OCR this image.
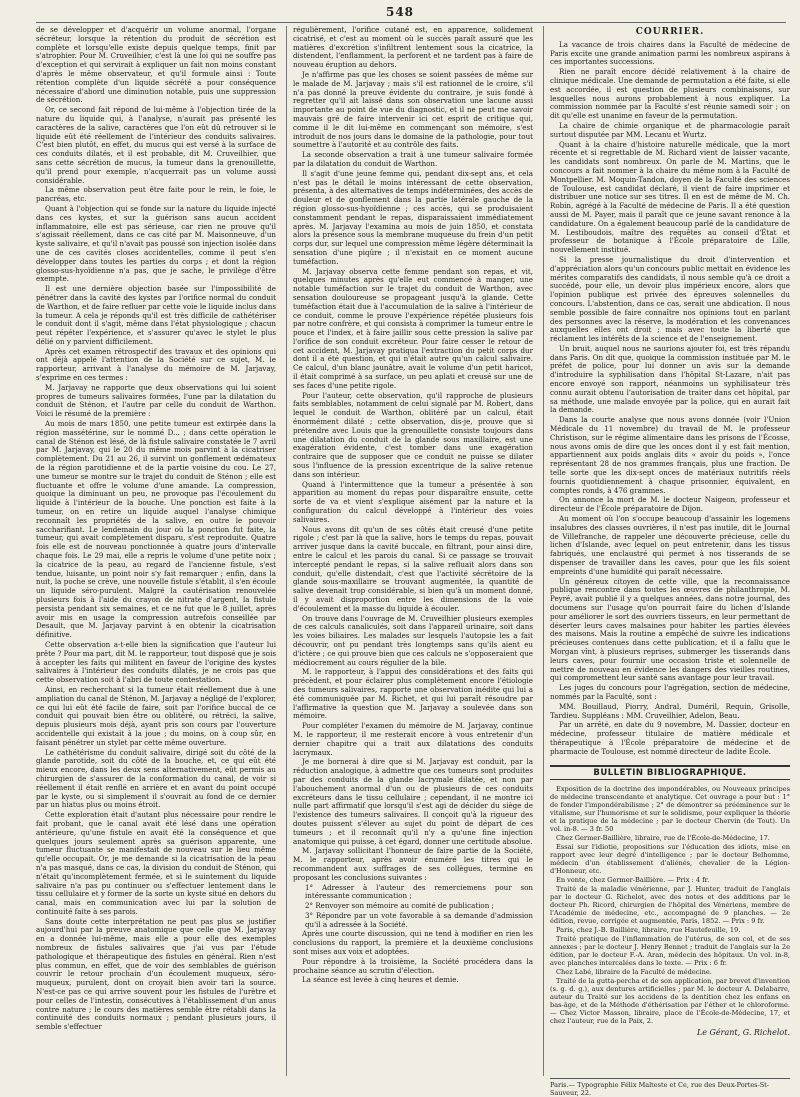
548

de se développer et d'acquérir un volume anormal, l'organe sécréteur, lorsque la rétention du produit de sécrétion est complète et lorsqu'elle existe depuis quelque temps, finit par s'atrophier. Pour M. Cruveilhier, c'est là une loi qui ne souffre pas d'exception et qui servirait à expliquer un fait non moins constant d'après le même observateur, et qu'il formule ainsi : Toute rétention complète d'un liquide sécrété a pour conséquence nécessaire d'abord une diminution notable, puis une suppression de sécrétion.

Or, ce second fait répond de lui-même à l'objection tirée de la nature du liquide qui, à l'analyse, n'aurait pas présenté les caractères de la salive, caractères que l'on eût dû retrouver si le liquide eût été réellement de l'intérieur des conduits salivaires. C'est bien plutôt, en effet, du mucus qui est versé à la surface de ces conduits dilatés, et il est probable, dit M. Cruveilhier, que sans cette sécrétion de mucus, la tumeur dans la grenouillette, qu'il prend pour exemple, n'acquerrait pas un volume aussi considérable.

La même observation peut être faite pour le rein, le foie, le pancréas, etc.

Quant à l'objection qui se fonde sur la nature du liquide injecté dans ces kystes, et sur la guérison sans aucun accident inflammatoire, elle est pas sérieuse, car rien ne prouve qu'il s'agissait réellement, dans ce cas cité par M. Maisonneuve, d'un kyste salivaire, et qu'il n'avait pas poussé son injection isolée dans une de ces cavités closes accidentelles, comme il peut s'en développer dans toutes les parties du corps ; et dont la région glosso-sus-hyoïdienne n'a pas, que je sache, le privilège d'être exempte.

Il est une dernière objection basée sur l'impossibilité de pénétrer dans la cavité des kystes par l'orifice normal du conduit de Warthon, et de faire refluer par cette voie le liquide inclus dans la tumeur. A cela je réponds qu'il est très difficile de cathétériser le conduit dont il s'agit, même dans l'état physiologique ; chacun peut répéter l'expérience, et s'assurer qu'avec le stylet le plus délié on y parvient difficilement.

Après cet examen rétrospectif des travaux et des opinions qui ont déjà appelé l'attention de la Société sur ce sujet, M. le rapporteur, arrivant à l'analyse du mémoire de M. Jarjavay, s'exprime en ces termes :

M. Jarjavay ne rapporte que deux observations qui lui soient propres de tumeurs salivaires formées, l'une par la dilatation du conduit de Sténon, et l'autre par celle du conduit de Warthon. Voici le résumé de la première :

Au mois de mars 1850, une petite tumeur est extirpée dans la région massétérine, sur le nommé D... ; dans cette opération le canal de Sténon est lésé, de là fistule salivaire constatée le 7 avril par M. Jarjavay, qui le 20 du même mois parvint à la cicatriser complètement. Du 21 au 26, il survint un gonflement œdémateux de la région parotidienne et de la partie voisine du cou. Le 27, une tumeur se montre sur le trajet du conduit de Sténon ; elle est fluctuante et offre le volume d'une amande. La compression, quoique la diminuant un peu, ne provoque pas l'écoulement du liquide à l'intérieur de la bouche. Une ponction est faite à la tumeur, on en retire un liquide auquel l'analyse chimique reconnaît les propriétés de la salive, en outre le pouvoir saccharifiant. Le lendemain du jour où la ponction fut faite, la tumeur, qui avait complètement disparu, s'est reproduite. Quatre fois elle est de nouveau ponctionnée à quatre jours d'intervalle chaque fois. Le 29 mai, elle a repris le volume d'une petite noix ; la cicatrice de la peau, au regard de l'ancienne fistule, s'est tendue, luisante, un point noir s'y fait remarquer ; enfin, dans la nuit, la poche se crève, une nouvelle fistule s'établit, il s'en écoule un liquide séro-purulent. Malgré la cautérisation renouvelée plusieurs fois à l'aide du crayon de nitrate d'argent, la fistule persista pendant six semaines, et ce ne fut que le 8 juillet, après avoir mis en usage la compression autrefois conseillée par Desault, que M. Jarjavay parvint à en obtenir la cicatrisation définitive.

Cette observation a-t-elle bien la signification que l'auteur lui prête ? Pour ma part, dit M. le rapporteur, tout disposé que je sois à accepter les faits qui militent en faveur de l'origine des kystes salivaires à l'intérieur des conduits dilatés, je ne crois pas que cette observation soit à l'abri de toute contestation.

Ainsi, en recherchant si la tumeur était réellement due à une ampliation du canal de Sténon, M. Jarjavay a négligé de l'explorer, ce qui lui eût été facile de faire, soit par l'orifice buccal de ce conduit qui pouvait bien être ou oblitéré, ou rétréci, la salive, depuis plusieurs mois déjà, ayant pris son cours par l'ouverture accidentelle qui existait à la joue ; du moins, on à coup sûr, en faisant pénétrer un stylet par cette même ouverture.

Le cathétérisme du conduit salivaire, dirigé soit du côté de la glande parotide, soit du côté de la bouche, et, ce qui eût été mieux encore, dans les deux sens alternativement, eût permis au chirurgien de s'assurer de la conformation du canal, de voir si réellement il était renflé en arrière et en avant du point occupé par le kyste, ou si simplement il s'ouvrait au fond de ce dernier par un hiatus plus ou moins étroit.

Cette exploration était d'autant plus nécessaire pour rendre le fait probant, que le canal avait été lésé dans une opération antérieure, qu'une fistule en avait été la conséquence et que quelques jours seulement après sa guérison apparente, une tumeur fluctuante se manifestait de nouveau sur le lieu même qu'elle occupait. Or, je me demande si la cicatrisation de la peau n'a pas masqué, dans ce cas, la division du conduit de Sténon, qui n'était qu'incomplètement fermée, et si le suintement du liquide salivaire n'a pas pu continuer ou s'effectuer lentement dans le tissu cellulaire et y former de la sorte un kyste situé en dehors du canal, mais en communication avec lui par la solution de continuité faite à ses parois.

Sans doute cette interprétation ne peut pas plus se justifier aujourd'hui par la preuve anatomique que celle que M. Jarjavay en a donnée lui-même, mais elle a pour elle des exemples nombreux de fistules salivaires que j'ai vus par l'étude pathologique et thérapeutique des fistules en général. Rien n'est plus commun, en effet, que de voir des semblables de guérison couvrir le retour prochain d'un écoulement muqueux, séro-muqueux, purulent, dont on croyait bien avoir tari la source. N'est-ce pas ce qui arrive souvent pour les fistules de l'urètre et pour celles de l'intestin, consécutives à l'établissement d'un anus contre nature ; le cours des matières semble être rétabli dans la continuité des conduits normaux ; pendant plusieurs jours, il semble s'effectuer

régulièrement, l'orifice cutané est, en apparence, solidement cicatrisé, et c'est au moment où le succès paraît assuré que les matières d'excrétion s'infiltrent lentement sous la cicatrice, la distendent, l'enflamment, la perforent et ne tardent pas à faire de nouveau éruption au dehors.

Je n'affirme pas que les choses se soient passées de même sur le malade de M. Jarjavay ; mais s'il est rationnel de le croire, s'il n'a pas donné la preuve évidente du contraire, je suis fondé à regretter qu'il ait laissé dans son observation une lacune aussi importante au point de vue du diagnostic, et il ne peut me savoir mauvais gré de faire intervenir ici cet esprit de critique qui, comme il le dit lui-même en commençant son mémoire, s'est introduit de nos jours dans le domaine de la pathologie, pour tout soumettre à l'autorité et au contrôle des faits.

La seconde observation a trait à une tumeur salivaire formée par la dilatation du conduit de Warthon.

Il s'agit d'une jeune femme qui, pendant dix-sept ans, et cela n'est pas le détail le moins intéressant de cette observation, présenta, à des alternatives de temps indéterminées, des accès de douleur et de gonflement dans la partie latérale gauche de la région glosso-sus-hyoïdienne ; ces accès, qui se produisaient constamment pendant le repas, disparaissaient immédiatement après. M. Jarjavay l'examina au mois de juin 1850, et constata alors la présence sous la membrane muqueuse du frein d'un petit corps dur, sur lequel une compression même légère déterminait la sensation d'une piqûre ; il n'existait en ce moment aucune tuméfaction.

M. Jarjavay observa cette femme pendant son repas, et vit, quelques minutes après qu'elle eut commencé à manger, une notable tuméfaction sur le trajet du conduit de Warthon, avec sensation douloureuse se propageant jusqu'à la glande. Cette tuméfaction était due à l'accumulation de la salive à l'intérieur de ce conduit, comme le prouve l'expérience répétée plusieurs fois par notre confrère, et qui consista à comprimer la tumeur entre le pouce et l'index, et à faire jaillir sous cette pression la salive par l'orifice de son conduit excréteur. Pour faire cesser le retour de cet accident, M. Jarjavay pratiqua l'extraction du petit corps dur dont il a été question, et qui n'était autre qu'un calcul salivaire. Ce calcul, d'un blanc jaunâtre, avait le volume d'un petit haricot, il était comprimé à sa surface, un peu aplati et creusé sur une de ses faces d'une petite rigole.

Pour l'auteur, cette observation, qu'il rapproche de plusieurs faits semblables, notamment de celui signalé par M. Robert, dans lequel le conduit de Warthon, oblitéré par un calcul, était énormément dilaté ; cette observation, dis-je, prouve que si prétendre avec Louis que la grenouillette consiste toujours dans une dilatation du conduit de la glande sous maxillaire, est une exagération évidente, c'est tomber dans une exagération contraire que de supposer que ce conduit ne puisse se dilater sous l'influence de la pression excentrique de la salive retenue dans son intérieur.

Quand à l'intermittence que la tumeur a présentée à son apparition au moment du repas pour disparaître ensuite, cette sorte de va et vient s'explique aisément par la nature et la configuration du calcul développé à l'intérieur des voies salivaires.

Nous avons dit qu'un de ses côtés était creusé d'une petite rigole ; c'est par là que la salive, hors le temps du repas, pouvait arriver jusque dans la cavité buccale, en filtrant, pour ainsi dire, entre le calcul et les parois du canal. Si ce passage se trouvait intercepté pendant le repas, si la salive refluait alors dans son conduit, qu'elle distendait, c'est que l'activité sécrétoire de la glande sous-maxillaire se trouvant augmentée, la quantité de salive devenait trop considérable, si bien qu'à un moment donné, il y avait disproportion entre les dimensions de la voie d'écoulement et la masse du liquide à écouler.

On trouve dans l'ouvrage de M. Cruveilhier plusieurs exemples de ces calculs canaliculés, soit dans l'appareil urinaire, soit dans les voies biliaires. Les malades sur lesquels l'autopsie les a fait découvrir, ont pu pendant très longtemps sans qu'ils aient eu d'ictère ; ce qui prouve bien que ces calculs ne s'opposeraient que médiocrement au cours régulier de la bile.

M. le rapporteur, à l'appui des considérations et des faits qui précèdent, et pour éclairer plus complètement encore l'étiologie des tumeurs salivaires, rapporte une observation inédite qui lui a été communiquée par M. Richet, et qui lui paraît résoudre par l'affirmative la question que M. Jarjavay a soulevée dans son mémoire.

Pour compléter l'examen du mémoire de M. Jarjavay, continue M. le rapporteur, il me resterait encore à vous entretenir d'un dernier chapitre qui a trait aux dilatations des conduits lacrymaux.

Je me bornerai à dire que si M. Jarjavay est conduit, par la réduction analogique, à admettre que ces tumeurs sont produites par des conduits de la glande lacrymale dilatée, et non par l'abouchement anormal d'un ou de plusieurs de ces conduits excréteurs dans le tissu cellulaire ; cependant, il ne montre ici nulle part affirmatif que lorsqu'il s'est agi de décider du siège de l'existence des tumeurs salivaires. Il conçoit qu'à la rigueur des doutes puissent s'élever au sujet du point de départ de ces tumeurs ; et il reconnaît qu'il n'y a qu'une fine injection anatomique qui puisse, à cet égard, donner une certitude absolue.

M. Jarjavay sollicitant l'honneur de faire partie de la Société, M. le rapporteur, après avoir énuméré les titres qui le recommandent aux suffrages de ses collègues, termine en proposant les conclusions suivantes :

1° Adresser à l'auteur des remerciemens pour son intéressante communication ;

2° Renvoyer son mémoire au comité de publication ;

3° Répondre par un vote favorable à sa demande d'admission qu'il a adressée à la Société.

Après une courte discussion, qui ne tend à modifier en rien les conclusions du rapport, la première et la deuxième conclusions sont mises aux voix et adoptées.

Pour répondre à la troisième, la Société procédera dans la prochaine séance au scrutin d'élection.

La séance est levée à cinq heures et demie.

COURRIER.

La vacance de trois chaires dans la Faculté de médecine de Paris excite une grande animation parmi les nombreux aspirans à ces importantes successions.

Rien ne paraît encore décidé relativement à la chaire de clinique médicale. Une demande de permutation a été faite, si elle est accordée, il est question de plusieurs combinaisons, sur lesquelles nous aurons probablement à nous expliquer. La commission nommée par la Faculté s'est réunie samedi soir ; on dit qu'elle est unanime en faveur de la permutation.

La chaire de chimie organique et de pharmacologie paraît surtout disputée par MM. Lecanu et Wurtz.

Quant à la chaire d'histoire naturelle médicale, que la mort récente et si regrettable de M. Richard vient de laisser vacante, les candidats sont nombreux. On parle de M. Martins, que le concours a fait nommer à la chaire du même nom à la Faculté de Montpellier. M. Moquin-Tandon, doyen de la Faculté des sciences de Toulouse, est candidat déclaré, il vient de faire imprimer et distribuer une notice sur ses titres. Il en est de même de M. Ch. Robin, agrégé à la Faculté de médecine de Paris. Il a été question aussi de M. Payer, mais il paraît que ce jeune savant renonce à la candidature. On a également beaucoup parlé de la candidature de M. Lestiboudois, maître des requêtes au conseil d'État et professeur de botanique à l'École préparatoire de Lille, nouvellement institué.

Si la presse journalistique du droit d'intervention et d'appréciation alors qu'un concours public mettait en évidence les mérites comparatifs des candidats, il nous semble qu'à ce droit a succédé, pour elle, un devoir plus impérieux encore, alors que l'opinion publique est privée des épreuves solennelles du concours. L'abstention, dans ce cas, serait une abdication. Il nous semble possible de faire connaître nos opinions tout en parlant des personnes avec la réserve, la modération et les convenances auxquelles elles ont droit ; mais avec toute la liberté que réclament les intérêts de la science et de l'enseignement.

Un bruit, auquel nous ne saurions ajouter foi, est très répandu dans Paris. On dit que, quoique la commission instituée par M. le préfet de police, pour lui donner un avis sur la demande d'introduire la syphilisation dans l'hôpital St-Lazare, n'ait pas encore envoyé son rapport, néanmoins un syphilisateur très connu aurait obtenu l'autorisation de traiter dans cet hôpital, par sa méthode, une malade envoyée par la police, qui en aurait fait la demande.

Dans la courte analyse que nous avons donnée (voir l'Union Médicale du 11 novembre) du travail de M. le professeur Christison, sur le régime alimentaire dans les prisons de l'Écosse, nous avons omis de dire que les onces dont il y est fait mention, appartiennent aux poids anglais dits « avoir du poids », l'once représentant 28 de nos grammes français, plus une fraction. De telle sorte que les dix-sept onces de matériaux nutritifs réels fournis quotidiennement à chaque prisonnier, équivalent, en comptes ronds, à 476 grammes.

On annonce la mort de M. le docteur Naigeon, professeur et directeur de l'École préparatoire de Dijon.

Au moment où l'on s'occupe beaucoup d'assainir les logemens insalubres des classes ouvrières, il n'est pas inutile, dit le Journal de Villefranche, de rappeler une découverte précieuse, celle du lichen d'Islande, avec lequel on peut entretenir, dans les tissus fabriqués, une enclaustré qui permet à nos tisserands de se dispenser de travailler dans les caves, pour que les fils soient empreints d'une humidité qui paraît nécessaire.

Un généreux citoyen de cette ville, que la reconnaissance publique rencontre dans toutes les œuvres de philanthropie, M. Peyré, avait publié il y a quelques années, dans notre journal, des documens sur l'usage qu'on pourrait faire du lichen d'Islande pour améliorer le sort des ouvriers tisseurs, en leur permettant de déserter leurs caves malsaines pour habiter les parties élevées des maisons. Mais la routine a empêché de suivre les indications précieuses contenues dans cette publication, et il a fallu que le Morgan vînt, à plusieurs reprises, submerger les tisserands dans leurs caves, pour fournir une occasion triste et solennelle de mettre de nouveau en évidence les dangers des vieilles routines, qui compromettent leur santé sans avantage pour leur travail.

Les juges du concours pour l'agrégation, section de médecine, nommés par la Faculté, sont :

MM. Bouillaud, Piorry, Andral, Duméril, Requin, Grisolle, Tardieu. Suppléans : MM. Cruveilhier, Adelon, Beau.

Par un arrêté, en date du 9 novembre, M. Dassier, docteur en médecine, professeur titulaire de matière médicale et thérapeutique à l'École préparatoire de médecine et de pharmacie de Toulouse, est nommé directeur de ladite École.

BULLETIN BIBLIOGRAPHIQUE.

Exposition de la doctrine des impondérables, ou Nouveaux principes de médecine transcendante et analytique. Cet ouvrage a pour but : 1° de fonder l'impondérabilisme ; 2° de démontrer sa prééminence sur le vitalisme, sur l'humorisme et sur le solidisme, pour expliquer la théorie et la pratique de la médecine ; par le docteur Chervin (de Tout). Un vol. in-8. — 3 fr. 50

Chez Germer-Baillière, libraire, rue de l'École-de-Médecine, 17.

Essai sur l'idiotie, propositions sur l'éducation des idiots, mise en rapport avec leur degré d'intelligence ; par le docteur Belhomme, médecin d'un établissement d'aliénés, chevalier de la Légion-d'Honneur, etc.

En vente, chez Germer-Baillière. — Prix : 4 fr.

Traité de la maladie vénérienne, par J. Hunter, traduit de l'anglais par le docteur G. Richelot, avec des notes et des additions par le docteur Ph. Ricord, chirurgien de l'hôpital des Vénériens, membre de l'Académie de médecine, etc., accompagné de 9 planches. — 2e édition, revue, corrigée et augmentée, Paris, 1852. — Prix : 9 fr.

Paris, chez J.-B. Baillière, libraire, rue Hautefeuille, 19.

Traité pratique de l'inflammation de l'utérus, de son col, et de ses annexes ; par le docteur J. Henry Bennet ; traduit de l'anglais sur la 2e édition, par le docteur F.-A. Aran, médecin des hôpitaux. Un vol. in-8, avec planches intercalées dans le texte. — Prix : 6 fr.

Chez Labé, libraire de la Faculté de médecine.

Traité de la gutta-percha et de son application, par brevet d'invention (s. g. d. g.), aux dentures artificielles ; par M. le docteur A. Delabarre, auteur du Traité sur les accidens de la dentition chez les enfans en bas-âge, et de la Méthode d'éthérisation par l'éther et le chloroforme. — Chez Victor Masson, libraire, place de l'École-de-Médecine, 17, et chez l'auteur, rue de la Paix, 2.

Le Gérant, G. Richelot.
Paris.— Typographie Félix Malteste et Ce, rue des Deux-Portes-St-Sauveur, 22.
